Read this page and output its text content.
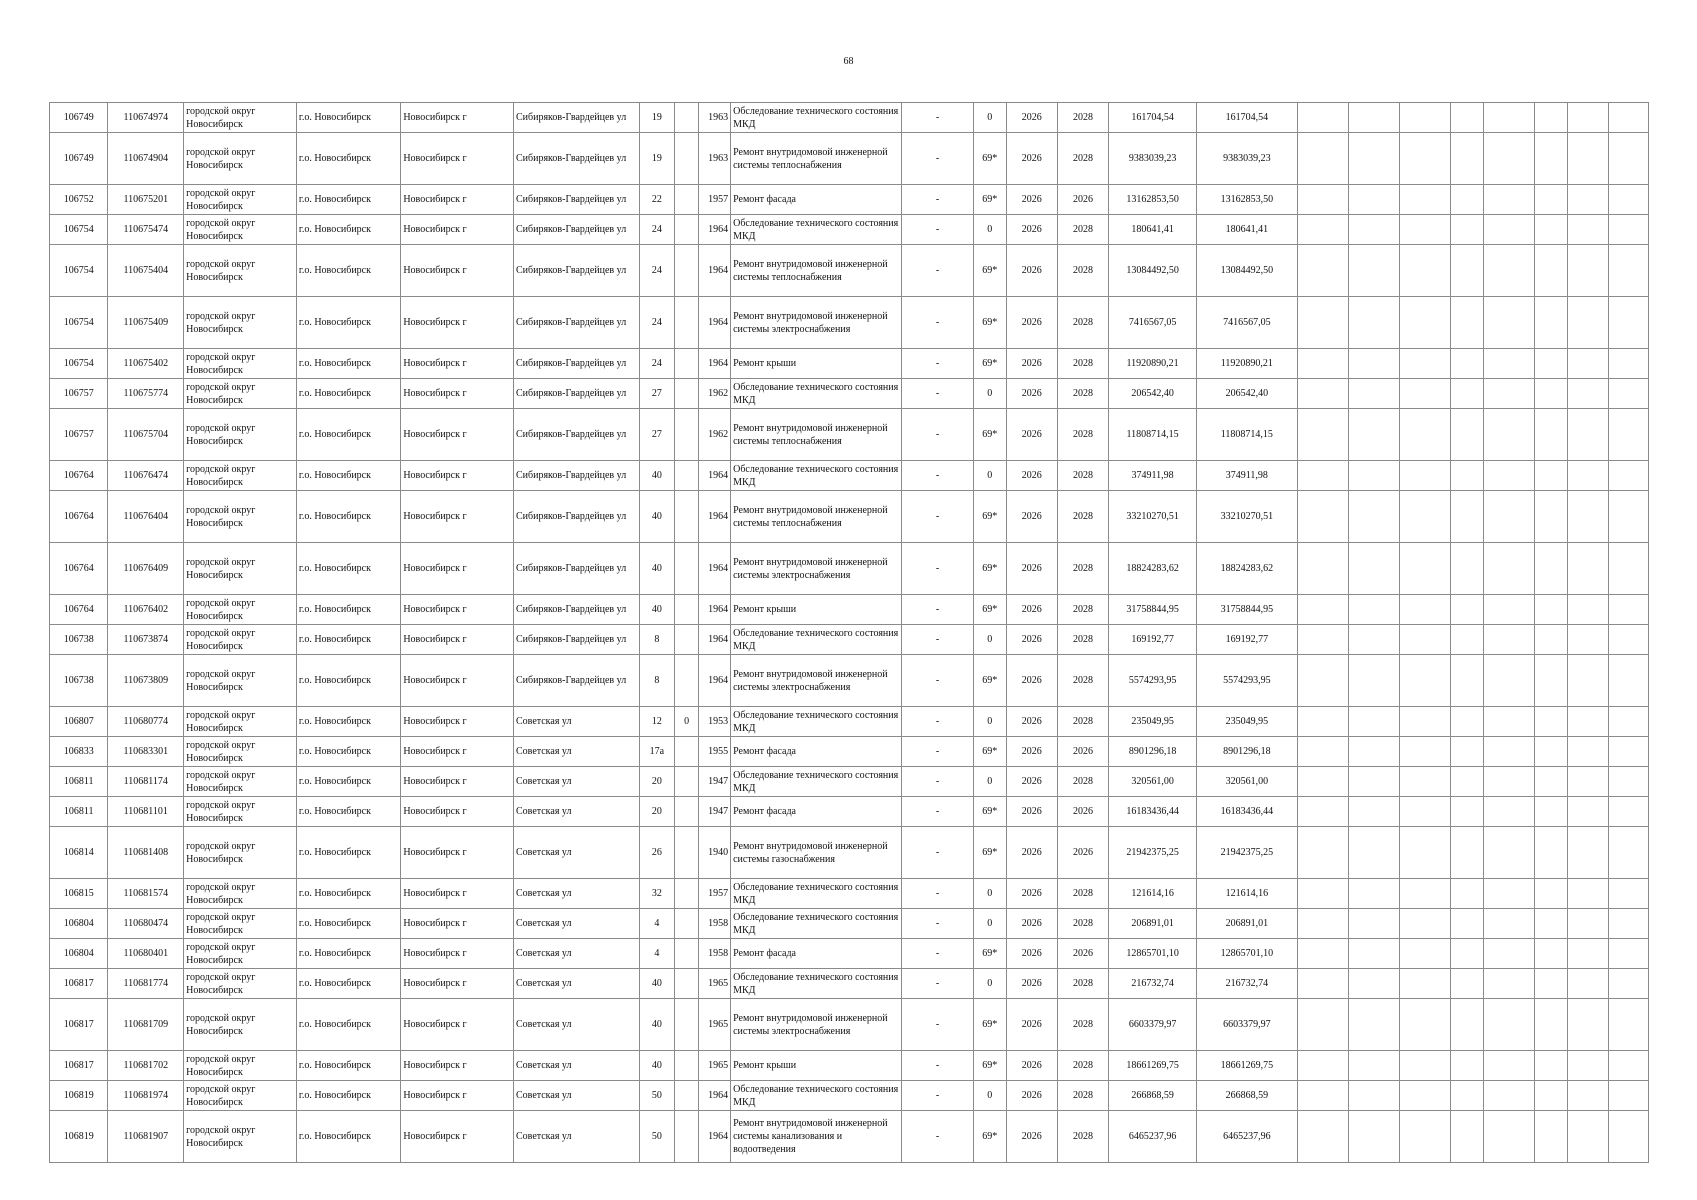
68
106749	110674974	городской округ Новосибирск	г.о. Новосибирск	Новосибирск г	Сибиряков-Гвардейцев ул	19		1963	Обследование технического состояния МКД	-	0	2026	2028	161704,54	161704,54								
106749	110674904	городской округ Новосибирск	г.о. Новосибирск	Новосибирск г	Сибиряков-Гвардейцев ул	19		1963	Ремонт внутридомовой инженерной системы теплоснабжения	-	69*	2026	2028	9383039,23	9383039,23								
106752	110675201	городской округ Новосибирск	г.о. Новосибирск	Новосибирск г	Сибиряков-Гвардейцев ул	22		1957	Ремонт фасада	-	69*	2026	2026	13162853,50	13162853,50								
106754	110675474	городской округ Новосибирск	г.о. Новосибирск	Новосибирск г	Сибиряков-Гвардейцев ул	24		1964	Обследование технического состояния МКД	-	0	2026	2028	180641,41	180641,41								
106754	110675404	городской округ Новосибирск	г.о. Новосибирск	Новосибирск г	Сибиряков-Гвардейцев ул	24		1964	Ремонт внутридомовой инженерной системы теплоснабжения	-	69*	2026	2028	13084492,50	13084492,50								
106754	110675409	городской округ Новосибирск	г.о. Новосибирск	Новосибирск г	Сибиряков-Гвардейцев ул	24		1964	Ремонт внутридомовой инженерной системы электроснабжения	-	69*	2026	2028	7416567,05	7416567,05								
106754	110675402	городской округ Новосибирск	г.о. Новосибирск	Новосибирск г	Сибиряков-Гвардейцев ул	24		1964	Ремонт крыши	-	69*	2026	2028	11920890,21	11920890,21								
106757	110675774	городской округ Новосибирск	г.о. Новосибирск	Новосибирск г	Сибиряков-Гвардейцев ул	27		1962	Обследование технического состояния МКД	-	0	2026	2028	206542,40	206542,40								
106757	110675704	городской округ Новосибирск	г.о. Новосибирск	Новосибирск г	Сибиряков-Гвардейцев ул	27		1962	Ремонт внутридомовой инженерной системы теплоснабжения	-	69*	2026	2028	11808714,15	11808714,15								
106764	110676474	городской округ Новосибирск	г.о. Новосибирск	Новосибирск г	Сибиряков-Гвардейцев ул	40		1964	Обследование технического состояния МКД	-	0	2026	2028	374911,98	374911,98								
106764	110676404	городской округ Новосибирск	г.о. Новосибирск	Новосибирск г	Сибиряков-Гвардейцев ул	40		1964	Ремонт внутридомовой инженерной системы теплоснабжения	-	69*	2026	2028	33210270,51	33210270,51								
106764	110676409	городской округ Новосибирск	г.о. Новосибирск	Новосибирск г	Сибиряков-Гвардейцев ул	40		1964	Ремонт внутридомовой инженерной системы электроснабжения	-	69*	2026	2028	18824283,62	18824283,62								
106764	110676402	городской округ Новосибирск	г.о. Новосибирск	Новосибирск г	Сибиряков-Гвардейцев ул	40		1964	Ремонт крыши	-	69*	2026	2028	31758844,95	31758844,95								
106738	110673874	городской округ Новосибирск	г.о. Новосибирск	Новосибирск г	Сибиряков-Гвардейцев ул	8		1964	Обследование технического состояния МКД	-	0	2026	2028	169192,77	169192,77								
106738	110673809	городской округ Новосибирск	г.о. Новосибирск	Новосибирск г	Сибиряков-Гвардейцев ул	8		1964	Ремонт внутридомовой инженерной системы электроснабжения	-	69*	2026	2028	5574293,95	5574293,95								
106807	110680774	городской округ Новосибирск	г.о. Новосибирск	Новосибирск г	Советская ул	12	0	1953	Обследование технического состояния МКД	-	0	2026	2028	235049,95	235049,95								
106833	110683301	городской округ Новосибирск	г.о. Новосибирск	Новосибирск г	Советская ул	17а		1955	Ремонт фасада	-	69*	2026	2026	8901296,18	8901296,18								
106811	110681174	городской округ Новосибирск	г.о. Новосибирск	Новосибирск г	Советская ул	20		1947	Обследование технического состояния МКД	-	0	2026	2028	320561,00	320561,00								
106811	110681101	городской округ Новосибирск	г.о. Новосибирск	Новосибирск г	Советская ул	20		1947	Ремонт фасада	-	69*	2026	2026	16183436,44	16183436,44								
106814	110681408	городской округ Новосибирск	г.о. Новосибирск	Новосибирск г	Советская ул	26		1940	Ремонт внутридомовой инженерной системы газоснабжения	-	69*	2026	2026	21942375,25	21942375,25								
106815	110681574	городской округ Новосибирск	г.о. Новосибирск	Новосибирск г	Советская ул	32		1957	Обследование технического состояния МКД	-	0	2026	2028	121614,16	121614,16								
106804	110680474	городской округ Новосибирск	г.о. Новосибирск	Новосибирск г	Советская ул	4		1958	Обследование технического состояния МКД	-	0	2026	2028	206891,01	206891,01								
106804	110680401	городской округ Новосибирск	г.о. Новосибирск	Новосибирск г	Советская ул	4		1958	Ремонт фасада	-	69*	2026	2026	12865701,10	12865701,10								
106817	110681774	городской округ Новосибирск	г.о. Новосибирск	Новосибирск г	Советская ул	40		1965	Обследование технического состояния МКД	-	0	2026	2028	216732,74	216732,74								
106817	110681709	городской округ Новосибирск	г.о. Новосибирск	Новосибирск г	Советская ул	40		1965	Ремонт внутридомовой инженерной системы электроснабжения	-	69*	2026	2028	6603379,97	6603379,97								
106817	110681702	городской округ Новосибирск	г.о. Новосибирск	Новосибирск г	Советская ул	40		1965	Ремонт крыши	-	69*	2026	2028	18661269,75	18661269,75								
106819	110681974	городской округ Новосибирск	г.о. Новосибирск	Новосибирск г	Советская ул	50		1964	Обследование технического состояния МКД	-	0	2026	2028	266868,59	266868,59								
106819	110681907	городской округ Новосибирск	г.о. Новосибирск	Новосибирск г	Советская ул	50		1964	Ремонт внутридомовой инженерной системы канализования и водоотведения	-	69*	2026	2028	6465237,96	6465237,96								
